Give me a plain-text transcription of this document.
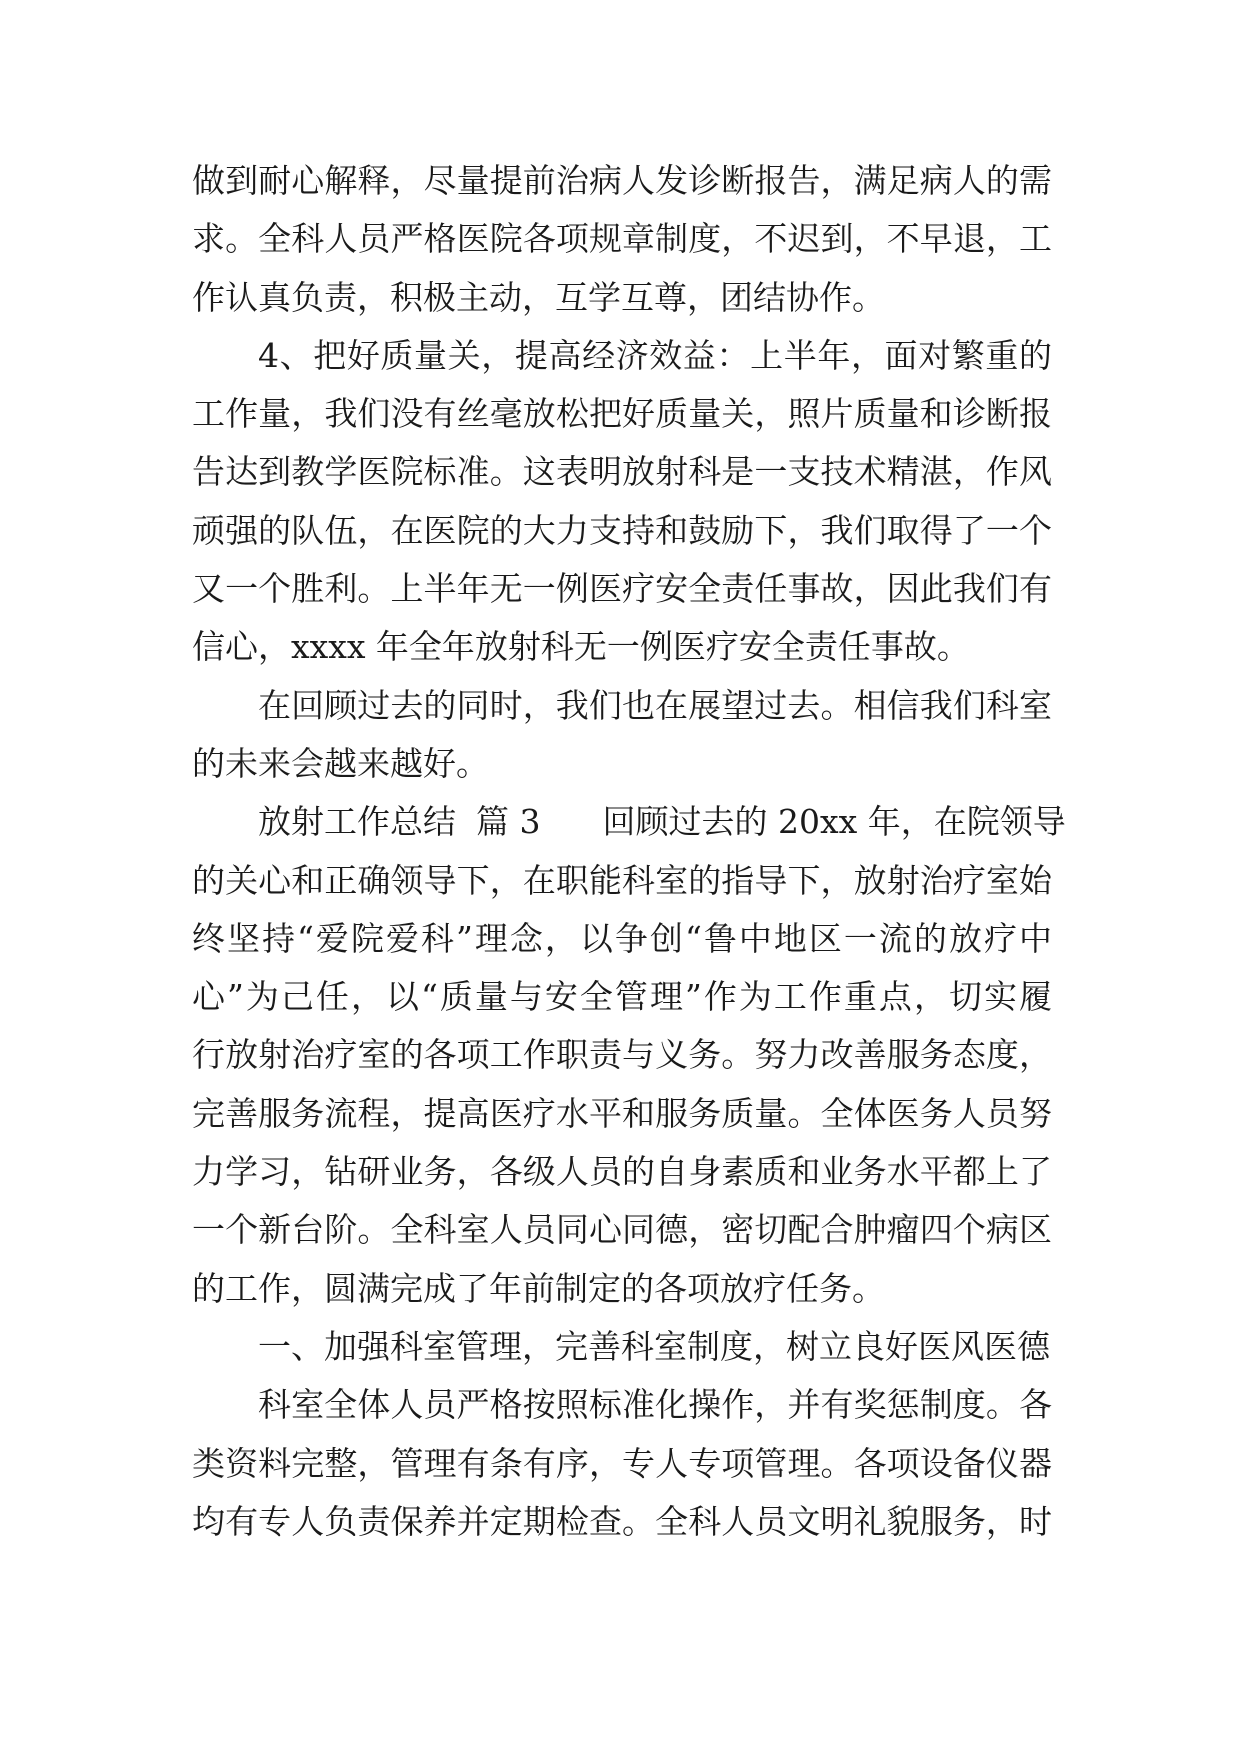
做到耐心解释，尽量提前治病人发诊断报告，满足病人的需
求。全科人员严格医院各项规章制度，不迟到，不早退，工
作认真负责，积极主动，互学互尊，团结协作。
4、把好质量关，提高经济效益：上半年，面对繁重的
工作量，我们没有丝毫放松把好质量关，照片质量和诊断报
告达到教学医院标准。这表明放射科是一支技术精湛，作风
顽强的队伍，在医院的大力支持和鼓励下，我们取得了一个
又一个胜利。上半年无一例医疗安全责任事故，因此我们有
信心，xxxx 年全年放射科无一例医疗安全责任事故。
在回顾过去的同时，我们也在展望过去。相信我们科室
的未来会越来越好。
放射工作总结 篇 3 回顾过去的 20xx 年，在院领导
的关心和正确领导下，在职能科室的指导下，放射治疗室始
终坚持“爱院爱科”理念，以争创“鲁中地区一流的放疗中
心”为己任，以“质量与安全管理”作为工作重点，切实履
行放射治疗室的各项工作职责与义务。努力改善服务态度，
完善服务流程，提高医疗水平和服务质量。全体医务人员努
力学习，钻研业务，各级人员的自身素质和业务水平都上了
一个新台阶。全科室人员同心同德，密切配合肿瘤四个病区
的工作，圆满完成了年前制定的各项放疗任务。
一、加强科室管理，完善科室制度，树立良好医风医德
科室全体人员严格按照标准化操作，并有奖惩制度。各
类资料完整，管理有条有序，专人专项管理。各项设备仪器
均有专人负责保养并定期检查。全科人员文明礼貌服务，时
